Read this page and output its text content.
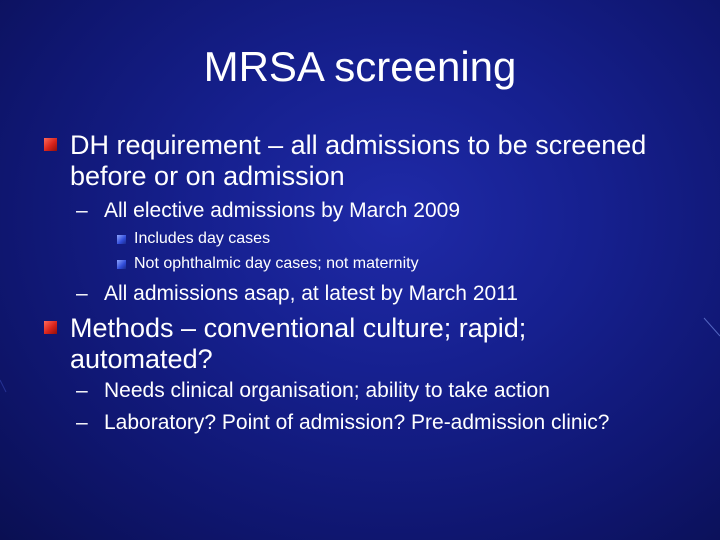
MRSA screening
DH requirement – all admissions to be screened
before or on admission
– All elective admissions by March 2009
Includes day cases
Not ophthalmic day cases; not maternity
– All admissions asap, at latest by March 2011
Methods – conventional culture; rapid;
automated?
– Needs clinical organisation; ability to take action
– Laboratory? Point of admission? Pre-admission clinic?
